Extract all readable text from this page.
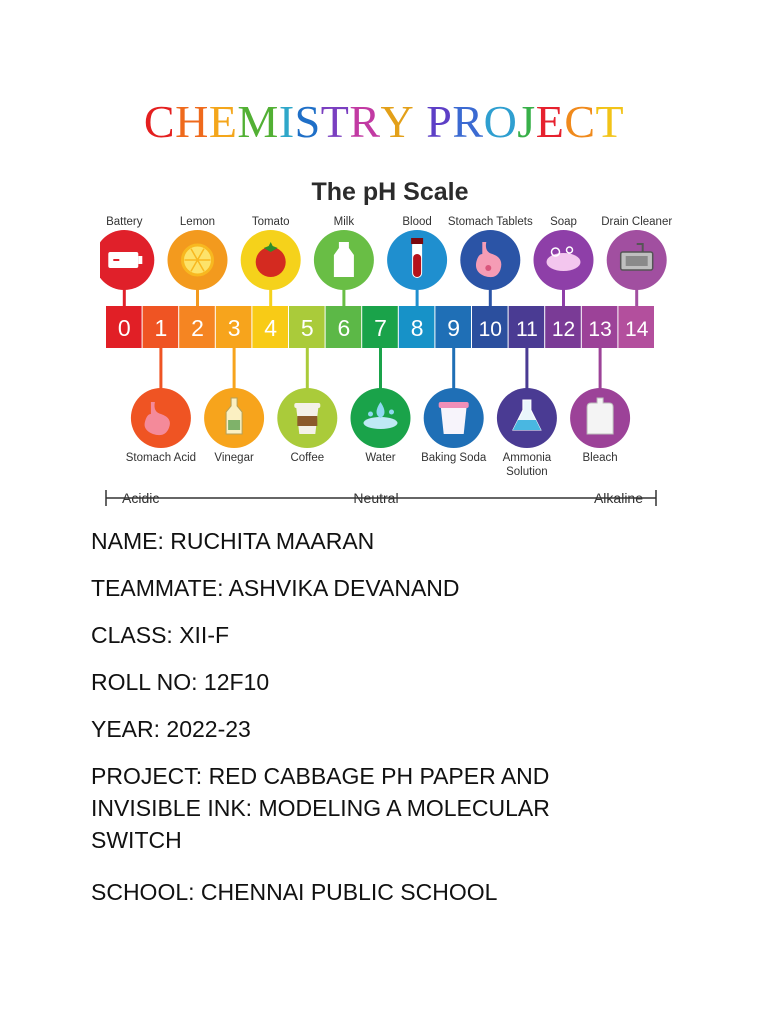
CHEMISTRY PROJECT
The pH Scale
Battery	Lemon	Tomato	Milk	Blood Stomach Tablets Soap Drain Cleaner
0 1 2 3 4 5 6 7 8 9 10 11 12 13 14
Stomach Acid Vinegar	Coffee	Water Baking Soda Ammonia
Solution
Bleach
Acidic	Neutral	Alkaline
NAME: RUCHITA MAARAN
TEAMMATE: ASHVIKA DEVANAND
CLASS: XII-F
ROLL NO: 12F10
YEAR: 2022-23
PROJECT: RED CABBAGE PH PAPER AND
INVISIBLE INK: MODELING A MOLECULAR
SWITCH
SCHOOL: CHENNAI PUBLIC SCHOOL
